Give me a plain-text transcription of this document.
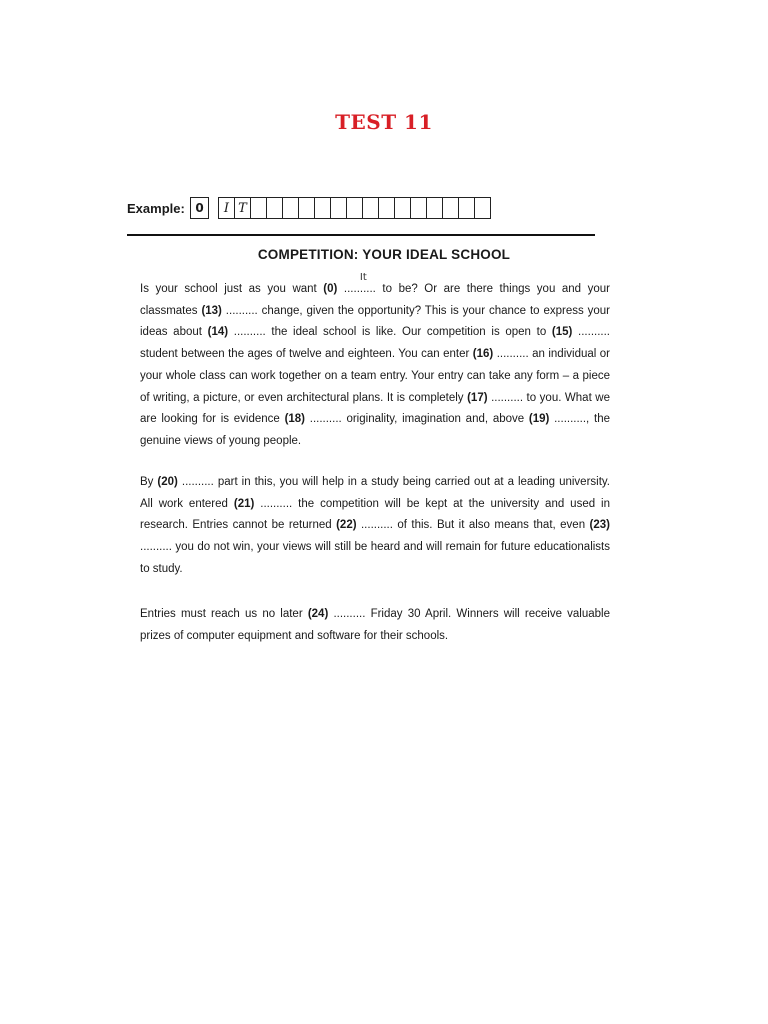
TEST 11
Example: 0	I T
COMPETITION: YOUR IDEAL SCHOOL
Is your school just as you want (0) ..........
It
to be? Or are there things you and your classmates (13) .......... change, given the opportunity? This is your chance to express your ideas about (14) .......... the ideal school is like. Our competition is open to (15) .......... student between the ages of twelve and eighteen. You can enter (16) .......... an individual or your whole class can work together on a team entry. Your entry can take any form – a piece of writing, a picture, or even architectural plans. It is completely (17) .......... to you. What we are looking for is evidence (18) .......... originality, imagination and, above (19) .........., the genuine views of young people.
By (20) .......... part in this, you will help in a study being carried out at a leading university. All work entered (21) .......... the competition will be kept at the university and used in research. Entries cannot be returned (22) .......... of this. But it also means that, even (23) .......... you do not win, your views will still be heard and will remain for future educationalists to study.
Entries must reach us no later (24) .......... Friday 30 April. Winners will receive valuable prizes of computer equipment and software for their schools.
